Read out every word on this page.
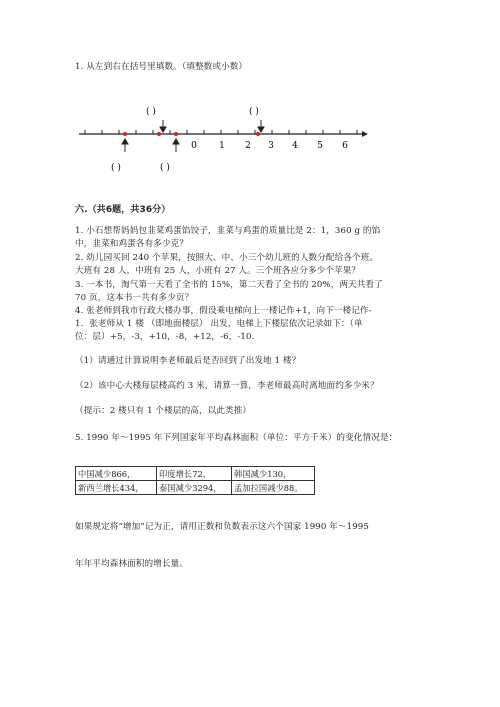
1. 从左到右在括号里填数。（填整数或小数）
( )	( )
0 1 2 3 4 5 6
( )	( )
六.（共6题，共36分）
1. 小石想帮妈妈包韭菜鸡蛋馅饺子，韭菜与鸡蛋的质量比是 2：1，360 g 的馅
中，韭菜和鸡蛋各有多少克？
2. 幼儿园买回 240 个苹果，按照大、中、小三个幼儿班的人数分配给各个班。
大班有 28 人，中班有 25 人，小班有 27 人。三个班各应分多少个苹果？
3. 一本书，淘气第一天看了全书的 15%，第二天看了全书的 20%，两天共看了
70 页，这本书一共有多少页？
4. 张老师到我市行政大楼办事，假设乘电梯向上一楼记作+1，向下一楼记作-
1．张老师从 1 楼 （即地面楼层） 出发，电梯上下楼层依次记录如下：（单
位：层）+5，-3，+10，-8，+12，-6，-10.
（1）请通过计算说明李老师最后是否回到了出发地 1 楼？
（2）该中心大楼每层楼高约 3 米，请算一算，李老师最高时离地面约多少米？
（提示：2 楼只有 1 个楼层的高，以此类推）
5. 1990 年～1995 年下列国家年平均森林面积（单位：平方千米）的变化情况是：
中国减少866，	印度增长72，	韩国减少130，
新西兰增长434，	泰国减少3294，	孟加拉国减少88。
如果规定将“增加”记为正，请用正数和负数表示这六个国家 1990 年～1995
年年平均森林面积的增长量。
